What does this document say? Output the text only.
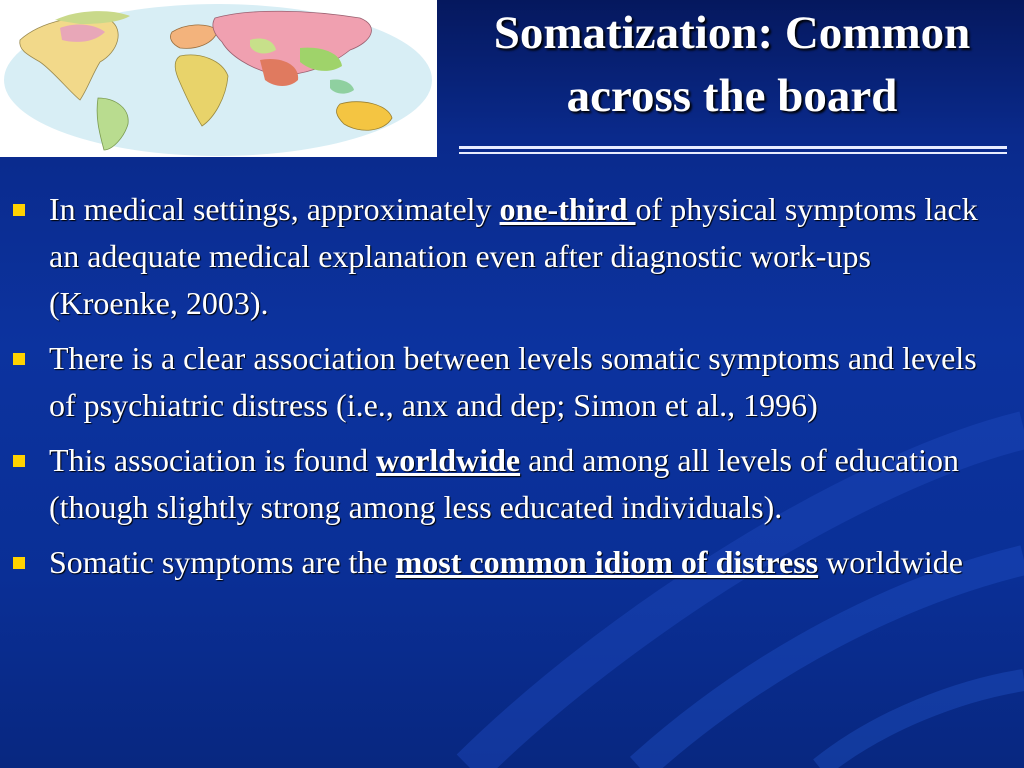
Somatization: Common
across the board
In medical settings, approximately one-third of physical symptoms lack an adequate medical explanation even after diagnostic work-ups (Kroenke, 2003).
There is a clear association between levels somatic symptoms and levels of psychiatric distress (i.e., anx and dep; Simon et al., 1996)
This association is found worldwide and among all levels of education (though slightly strong among less educated individuals).
Somatic symptoms are the most common idiom of distress worldwide
